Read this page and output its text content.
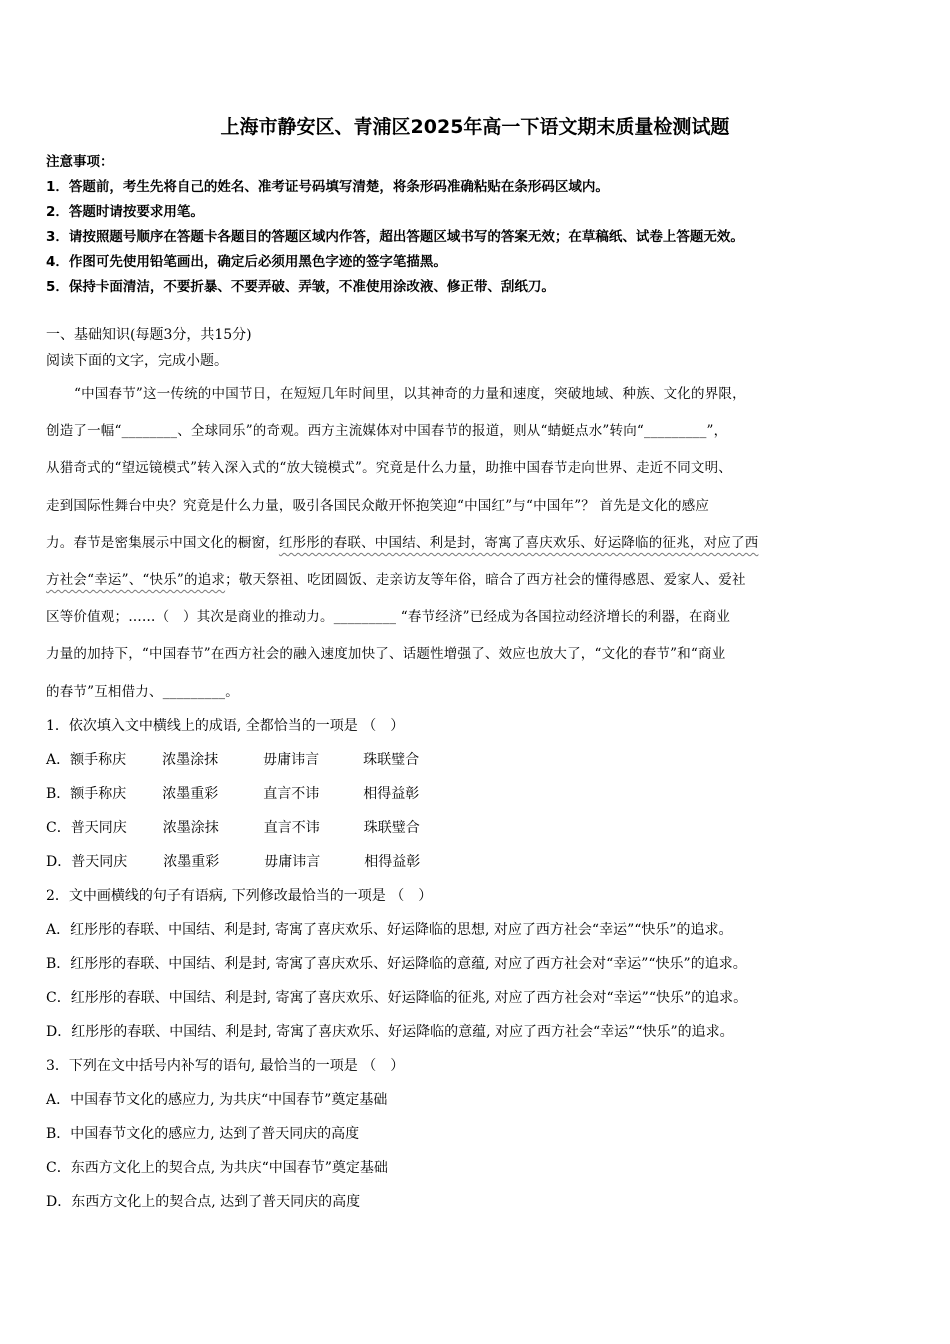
上海市静安区、青浦区2025年高一下语文期末质量检测试题
注意事项：
1．答题前，考生先将自己的姓名、准考证号码填写清楚，将条形码准确粘贴在条形码区域内。
2．答题时请按要求用笔。
3．请按照题号顺序在答题卡各题目的答题区域内作答，超出答题区域书写的答案无效；在草稿纸、试卷上答题无效。
4．作图可先使用铅笔画出，确定后必须用黑色字迹的签字笔描黑。
5．保持卡面清洁，不要折暴、不要弄破、弄皱，不准使用涂改液、修正带、刮纸刀。
一、基础知识(每题3分，共15分)
阅读下面的文字，完成小题。
“中国春节”这一传统的中国节日，在短短几年时间里，以其神奇的力量和速度，突破地域、种族、文化的界限，
创造了一幅“________、全球同乐”的奇观。西方主流媒体对中国春节的报道，则从“蜻蜓点水”转向“_________”，
从猎奇式的“望远镜模式”转入深入式的“放大镜模式”。究竟是什么力量，助推中国春节走向世界、走近不同文明、
走到国际性舞台中央？究竟是什么力量，吸引各国民众敞开怀抱笑迎“中国红”与“中国年”？ 首先是文化的感应
力。春节是密集展示中国文化的橱窗，红彤彤的春联、中国结、利是封，寄寓了喜庆欢乐、好运降临的征兆，对应了西
方社会“幸运”、“快乐”的追求；敬天祭祖、吃团圆饭、走亲访友等年俗，暗合了西方社会的懂得感恩、爱家人、爱社
区等价值观；……（　）其次是商业的推动力。_________ “春节经济”已经成为各国拉动经济增长的利器，在商业
力量的加持下，“中国春节”在西方社会的融入速度加快了、话题性增强了、效应也放大了，“文化的春节”和“商业
的春节”互相借力、_________。
1．依次填入文中横线上的成语, 全都恰当的一项是 （　）
A．额手称庆	浓墨涂抹	毋庸讳言	珠联璧合
B．额手称庆	浓墨重彩	直言不讳	相得益彰
C．普天同庆	浓墨涂抹	直言不讳	珠联璧合
D．普天同庆	浓墨重彩	毋庸讳言	相得益彰
2．文中画横线的句子有语病, 下列修改最恰当的一项是 （　）
A．红彤彤的春联、中国结、利是封, 寄寓了喜庆欢乐、好运降临的思想, 对应了西方社会“幸运”“快乐”的追求。
B．红彤彤的春联、中国结、利是封, 寄寓了喜庆欢乐、好运降临的意蕴, 对应了西方社会对“幸运”“快乐”的追求。
C．红彤彤的春联、中国结、利是封, 寄寓了喜庆欢乐、好运降临的征兆, 对应了西方社会对“幸运”“快乐”的追求。
D．红彤彤的春联、中国结、利是封, 寄寓了喜庆欢乐、好运降临的意蕴, 对应了西方社会“幸运”“快乐”的追求。
3．下列在文中括号内补写的语句, 最恰当的一项是 （　）
A．中国春节文化的感应力, 为共庆“中国春节”奠定基础
B．中国春节文化的感应力, 达到了普天同庆的高度
C．东西方文化上的契合点, 为共庆“中国春节”奠定基础
D．东西方文化上的契合点, 达到了普天同庆的高度
